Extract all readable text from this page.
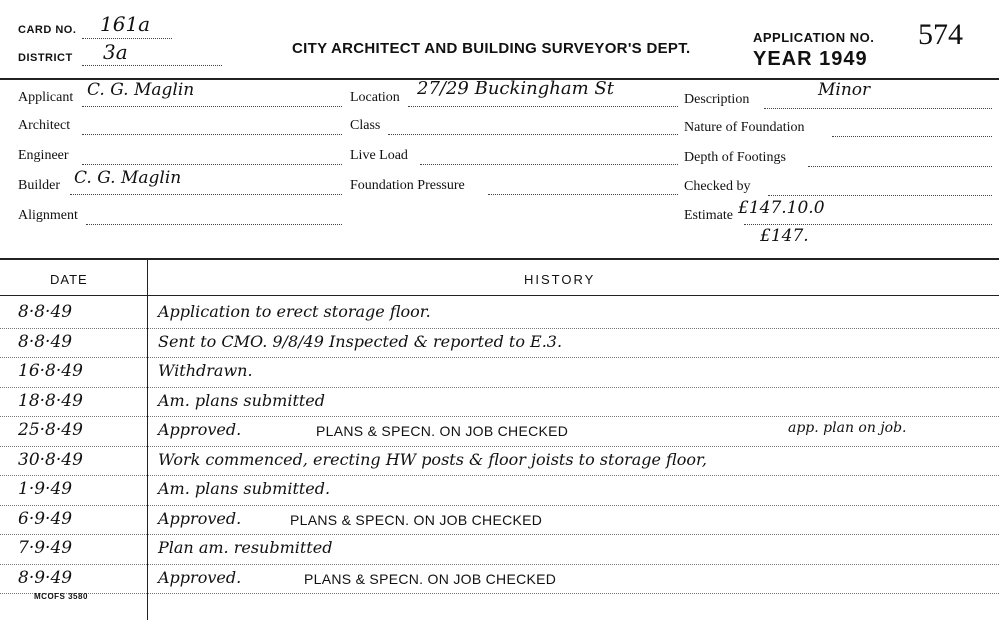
CARD NO. 161a
DISTRICT 3a	CITY ARCHITECT AND BUILDING SURVEYOR'S DEPT.
APPLICATION NO. 574
YEAR 1949
Applicant C. G. Maglin
Architect
Engineer
Builder C. G. Maglin
Alignment
Location 27/29 Buckingham St
Class
Live Load
Foundation Pressure
Description	Minor
Nature of Foundation
Depth of Footings
Checked by
Estimate £147.10.0
£147.
DATE	HISTORY
8·8·49	Application to erect storage floor.
8·8·49	Sent to CMO. 9/8/49 Inspected & reported to E.3.
16·8·49	Withdrawn.
18·8·49	Am. plans submitted
25·8·49	Approved.	PLANS & SPECN. ON JOB CHECKED	app. plan on job.
30·8·49	Work commenced, erecting HW posts & floor joists to storage floor,
1·9·49	Am. plans submitted.
6·9·49	Approved.	PLANS & SPECN. ON JOB CHECKED
7·9·49	Plan am. resubmitted
8·9·49	Approved.	PLANS & SPECN. ON JOB CHECKED
MCOFS 3580
